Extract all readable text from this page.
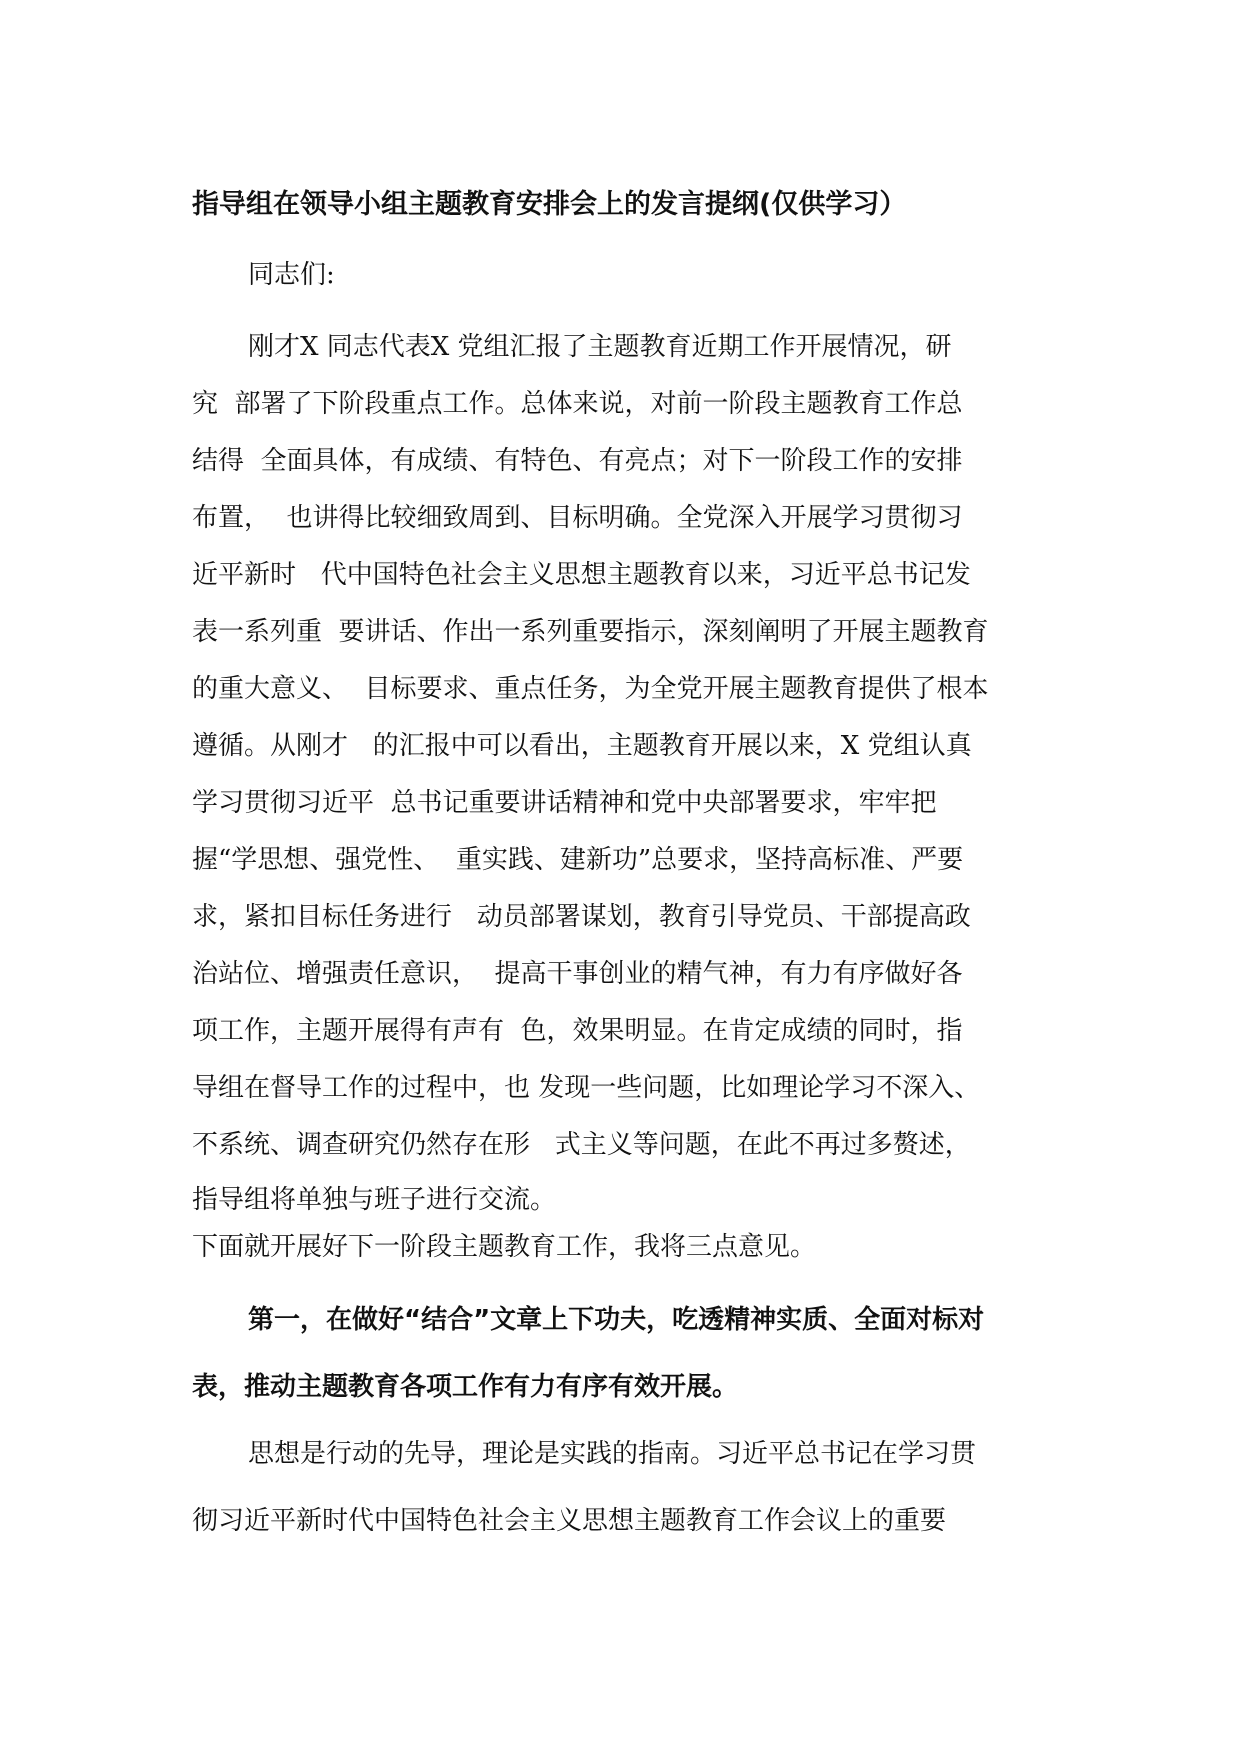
指导组在领导小组主题教育安排会上的发言提纲(仅供学习）
同志们:
刚才X 同志代表X 党组汇报了主题教育近期工作开展情况，研
究  部署了下阶段重点工作。总体来说，对前一阶段主题教育工作总
结得  全面具体，有成绩、有特色、有亮点；对下一阶段工作的安排
布置，  也讲得比较细致周到、目标明确。全党深入开展学习贯彻习
近平新时   代中国特色社会主义思想主题教育以来，习近平总书记发
表一系列重  要讲话、作出一系列重要指示，深刻阐明了开展主题教育
的重大意义、  目标要求、重点任务，为全党开展主题教育提供了根本
遵循。从刚才   的汇报中可以看出，主题教育开展以来，X 党组认真
学习贯彻习近平  总书记重要讲话精神和党中央部署要求，牢牢把
握“学思想、强党性、  重实践、建新功”总要求，坚持高标准、严要
求，紧扣目标任务进行   动员部署谋划，教育引导党员、干部提高政
治站位、增强责任意识，  提高干事创业的精气神，有力有序做好各
项工作，主题开展得有声有  色，效果明显。在肯定成绩的同时，指
导组在督导工作的过程中，也 发现一些问题，比如理论学习不深入、
不系统、调查研究仍然存在形   式主义等问题，在此不再过多赘述，
指导组将单独与班子进行交流。
下面就开展好下一阶段主题教育工作，我将三点意见。
第一，在做好“结合”文章上下功夫，吃透精神实质、全面对标对
表，推动主题教育各项工作有力有序有效开展。
思想是行动的先导，理论是实践的指南。习近平总书记在学习贯
彻习近平新时代中国特色社会主义思想主题教育工作会议上的重要
